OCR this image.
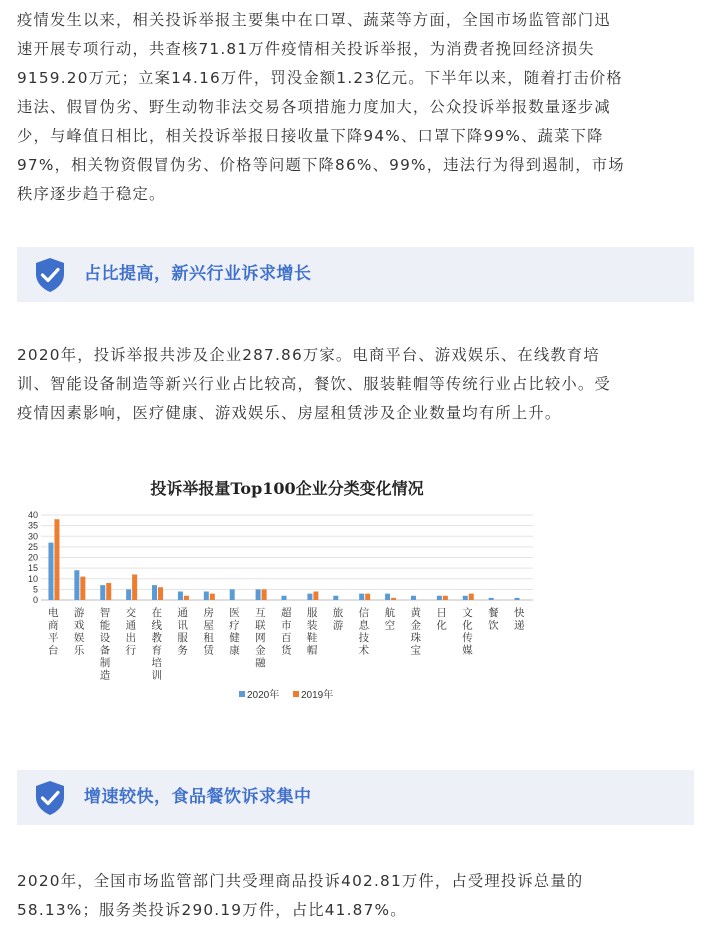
疫情发生以来，相关投诉举报主要集中在口罩、蔬菜等方面，全国市场监管部门迅
速开展专项行动，共查核71.81万件疫情相关投诉举报，为消费者挽回经济损失
9159.20万元；立案14.16万件，罚没金额1.23亿元。下半年以来，随着打击价格
违法、假冒伪劣、野生动物非法交易各项措施力度加大，公众投诉举报数量逐步减
少，与峰值日相比，相关投诉举报日接收量下降94%、口罩下降99%、蔬菜下降
97%，相关物资假冒伪劣、价格等问题下降86%、99%，违法行为得到遏制，市场
秩序逐步趋于稳定。
占比提高，新兴行业诉求增长
2020年，投诉举报共涉及企业287.86万家。电商平台、游戏娱乐、在线教育培
训、智能设备制造等新兴行业占比较高，餐饮、服装鞋帽等传统行业占比较小。受
疫情因素影响，医疗健康、游戏娱乐、房屋租赁涉及企业数量均有所上升。
投诉举报量Top100企业分类变化情况
0
5
10
15
20
25
30
35
40
电商平台
游戏娱乐
智能设备制造
交通出行
在线教育培训
通讯服务
房屋租赁
医疗健康
互联网金融
超市百货
服装鞋帽
旅游
信息技术
航空
黄金珠宝
日化
文化传媒
餐饮
快递
2020年 2019年
增速较快，食品餐饮诉求集中
2020年，全国市场监管部门共受理商品投诉402.81万件，占受理投诉总量的
58.13%；服务类投诉290.19万件，占比41.87%。
